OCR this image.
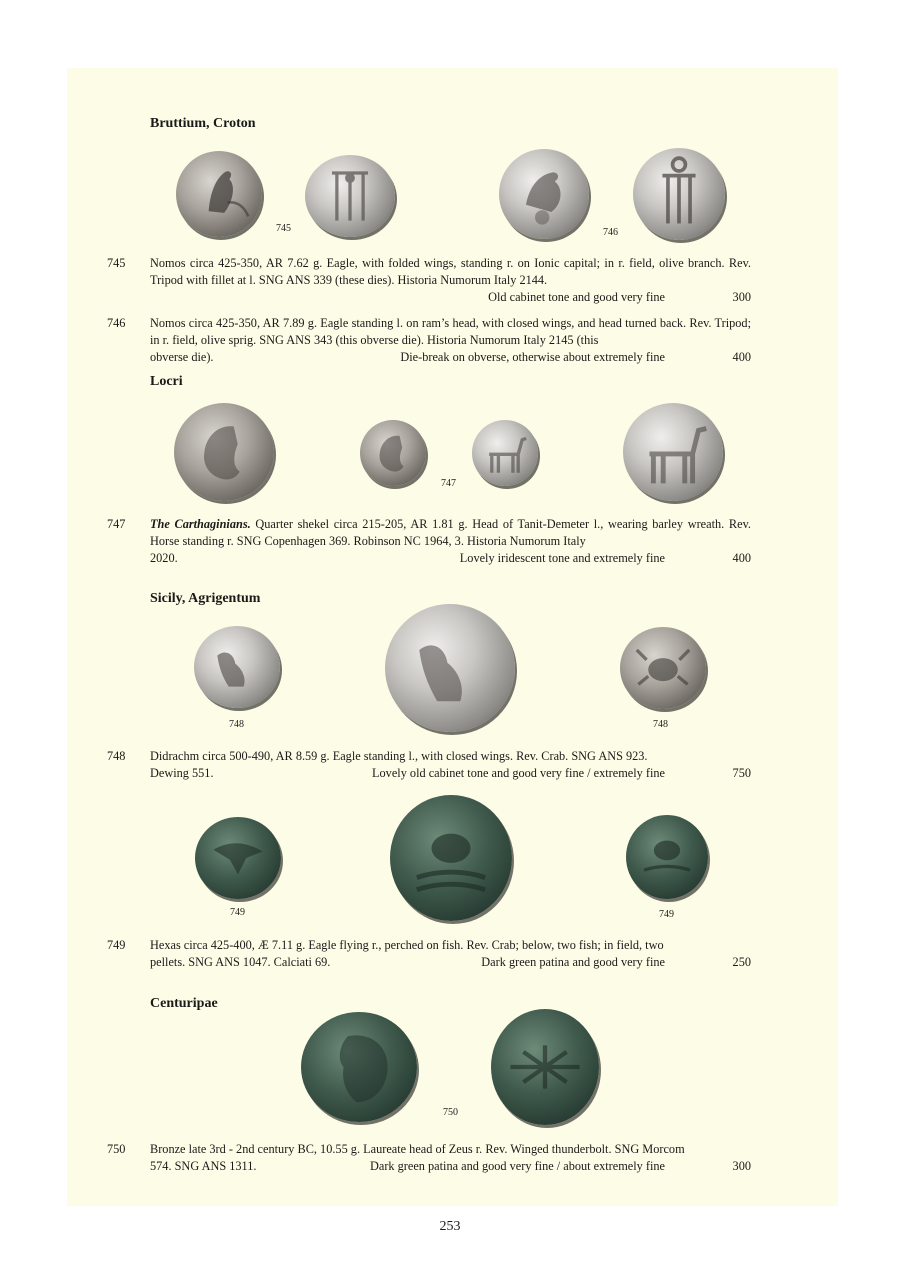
Bruttium, Croton
745	746
745 Nomos circa 425-350, AR 7.62 g. Eagle, with folded wings, standing r. on Ionic capital; in r. field, olive branch. Rev. Tripod with fillet at l. SNG ANS 339 (these dies). Historia Numorum Italy 2144.
Old cabinet tone and good very fine	300
746 Nomos circa 425-350, AR 7.89 g. Eagle standing l. on ram’s head, with closed wings, and head turned back. Rev. Tripod; in r. field, olive sprig. SNG ANS 343 (this obverse die). Historia Numorum Italy 2145 (this
obverse die).	Die-break on obverse, otherwise about extremely fine	400
Locri
747
747 The Carthaginians. Quarter shekel circa 215-205, AR 1.81 g. Head of Tanit-Demeter l., wearing barley wreath. Rev. Horse standing r. SNG Copenhagen 369. Robinson NC 1964, 3. Historia Numorum Italy
2020.	Lovely iridescent tone and extremely fine	400
Sicily, Agrigentum
748	748
748 Didrachm circa 500-490, AR 8.59 g. Eagle standing l., with closed wings. Rev. Crab. SNG ANS 923.
Dewing 551.	Lovely old cabinet tone and good very fine / extremely fine	750
749	749
749 Hexas circa 425-400, Æ 7.11 g. Eagle flying r., perched on fish. Rev. Crab; below, two fish; in field, two
pellets. SNG ANS 1047. Calciati 69.	Dark green patina and good very fine	250
Centuripae
750
750 Bronze late 3rd - 2nd century BC, 10.55 g. Laureate head of Zeus r. Rev. Winged thunderbolt. SNG Morcom
574. SNG ANS 1311.	Dark green patina and good very fine / about extremely fine	300
253
